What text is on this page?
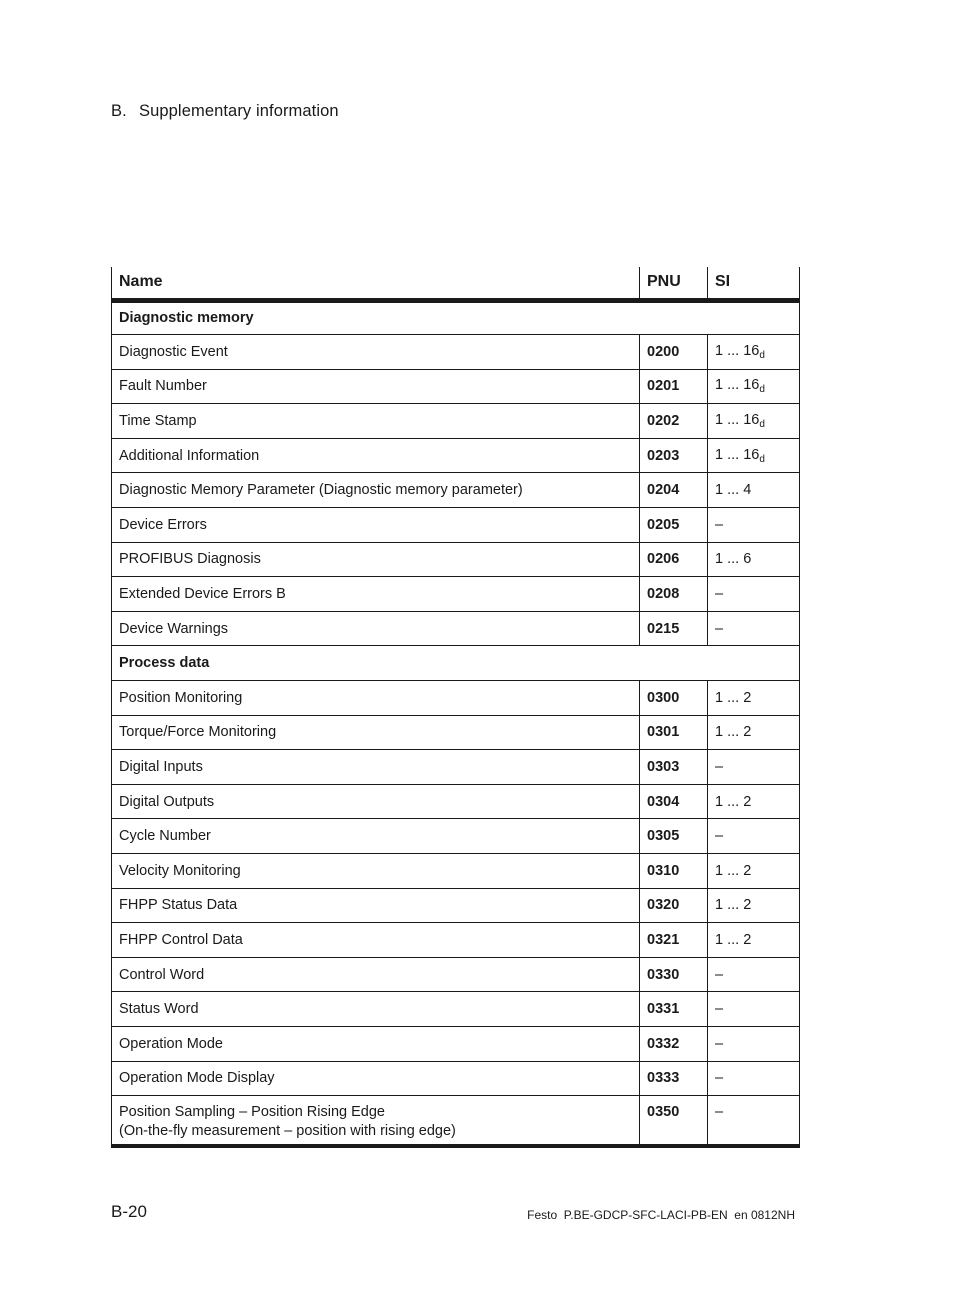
B. Supplementary information
Name	PNU	SI
Diagnostic memory		
Diagnostic Event	0200	1 ... $16_d$
Fault Number	0201	1 ... $16_d$
Time Stamp	0202	1 ... $16_d$
Additional Information	0203	1 ... $16_d$
Diagnostic Memory Parameter (Diagnostic memory parameter)	0204	1 ... 4
Device Errors	0205	–
PROFIBUS Diagnosis	0206	1 ... 6
Extended Device Errors B	0208	–
Device Warnings	0215	–
Process data		
Position Monitoring	0300	1 ... 2
Torque/Force Monitoring	0301	1 ... 2
Digital Inputs	0303	–
Digital Outputs	0304	1 ... 2
Cycle Number	0305	–
Velocity Monitoring	0310	1 ... 2
FHPP Status Data	0320	1 ... 2
FHPP Control Data	0321	1 ... 2
Control Word	0330	–
Status Word	0331	–
Operation Mode	0332	–
Operation Mode Display	0333	–
Position Sampling – Position Rising Edge
(On-the-fly measurement – position with rising edge)	0350	–
B-20	Festo  P.BE-GDCP-SFC-LACI-PB-EN  en 0812NH
